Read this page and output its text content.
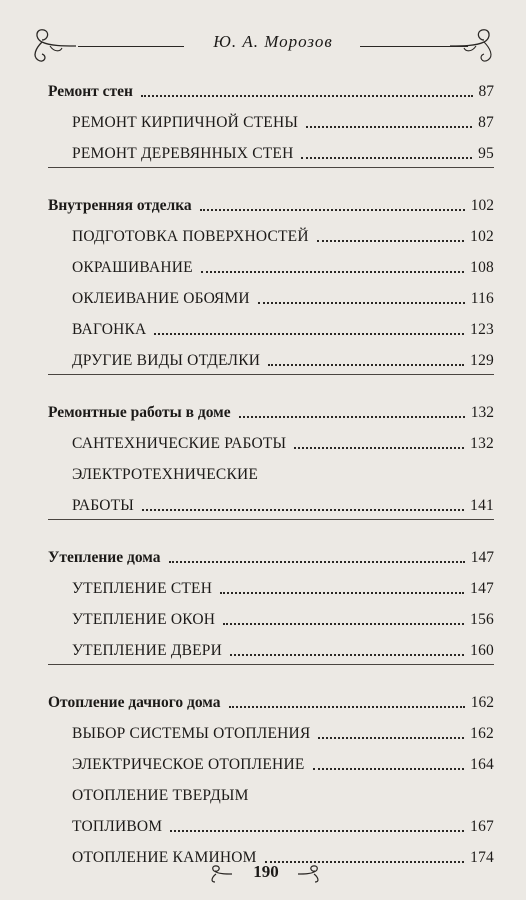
Ю. А. Морозов
Ремонт стен	87
РЕМОНТ КИРПИЧНОЙ СТЕНЫ	87
РЕМОНТ ДЕРЕВЯННЫХ СТЕН	95
Внутренняя отделка	102
ПОДГОТОВКА ПОВЕРХНОСТЕЙ	102
ОКРАШИВАНИЕ	108
ОКЛЕИВАНИЕ ОБОЯМИ	116
ВАГОНКА	123
ДРУГИЕ ВИДЫ ОТДЕЛКИ	129
Ремонтные работы в доме	132
САНТЕХНИЧЕСКИЕ РАБОТЫ	132
ЭЛЕКТРОТЕХНИЧЕСКИЕ
РАБОТЫ	141
Утепление дома	147
УТЕПЛЕНИЕ СТЕН	147
УТЕПЛЕНИЕ ОКОН	156
УТЕПЛЕНИЕ ДВЕРИ	160
Отопление дачного дома	162
ВЫБОР СИСТЕМЫ ОТОПЛЕНИЯ	162
ЭЛЕКТРИЧЕСКОЕ ОТОПЛЕНИЕ	164
ОТОПЛЕНИЕ ТВЕРДЫМ
ТОПЛИВОМ	167
ОТОПЛЕНИЕ КАМИНОМ	174
190
